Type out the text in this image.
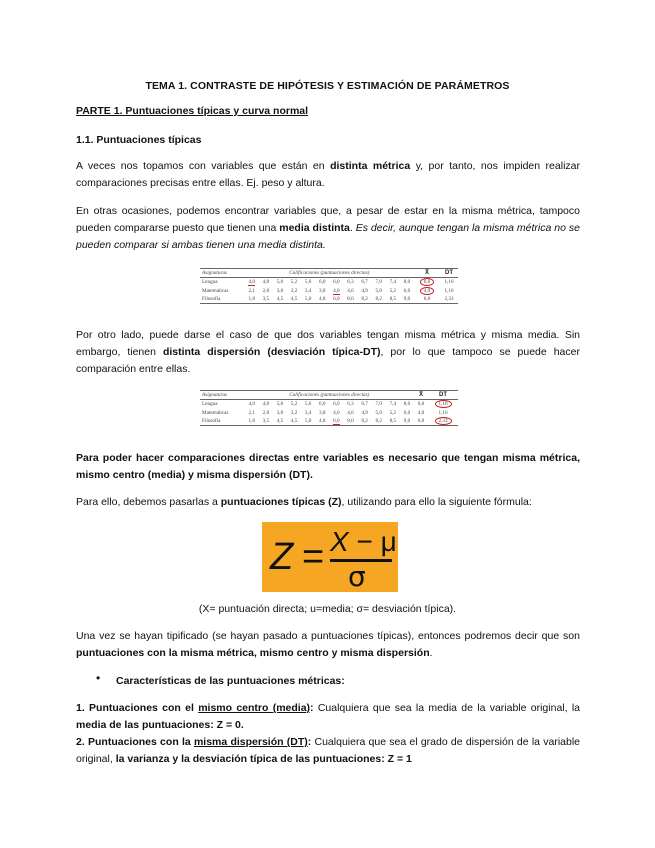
TEMA 1. CONTRASTE DE HIPÓTESIS Y ESTIMACIÓN DE PARÁMETROS
PARTE 1. Puntuaciones típicas y curva normal
1.1. Puntuaciones típicas
A veces nos topamos con variables que están en distinta métrica y, por tanto, nos impiden realizar comparaciones precisas entre ellas. Ej. peso y altura.
En otras ocasiones, podemos encontrar variables que, a pesar de estar en la misma métrica, tampoco pueden compararse puesto que tienen una media distinta. Es decir, aunque tengan la misma métrica no se pueden comparar si ambas tienen una media distinta.
Asignaturas	Calificaciones (puntuaciones directas)												X̄	DT
Lengua	4,0	4,8	5,0	5,2	5,6	6,0	6,0	6,3	6,7	7,0	7,4	8,0	6,0	1,16
Matemáticas	2,1	2,8	3,0	3,2	3,4	3,8	4,0	4,6	4,9	5,0	5,2	6,0	4,0	1,16
Filosofía	1,8	3,5	4,5	4,5	5,0	4,8	6,0	8,0	8,2	8,2	8,5	9,0	6,0	2,33
Por otro lado, puede darse el caso de que dos variables tengan misma métrica y misma media. Sin embargo, tienen distinta dispersión (desviación típica-DT), por lo que tampoco se puede hacer comparación entre ellas.
Asignaturas	Calificaciones (puntuaciones directas)												X̄	DT
Lengua	4,0	4,8	5,0	5,2	5,6	6,0	6,0	6,3	6,7	7,0	7,4	8,0	6,0	1,16
Matemáticas	2,1	2,8	3,0	3,2	3,4	3,8	4,0	4,6	4,9	5,0	5,2	6,0	4,0	1,16
Filosofía	1,8	3,5	4,5	4,5	5,0	4,8	6,0	8,0	8,2	8,2	8,5	9,0	6,0	2,33
Para poder hacer comparaciones directas entre variables es necesario que tengan misma métrica, mismo centro (media) y misma dispersión (DT).
Para ello, debemos pasarlas a puntuaciones típicas (Z), utilizando para ello la siguiente fórmula:
Z = X − μ
σ
(X= puntuación directa; u=media; σ= desviación típica).
Una vez se hayan tipificado (se hayan pasado a puntuaciones típicas), entonces podremos decir que son puntuaciones con la misma métrica, mismo centro y misma dispersión.
• Características de las puntuaciones métricas:
1. Puntuaciones con el mismo centro (media): Cualquiera que sea la media de la variable original, la media de las puntuaciones: Z = 0.
2. Puntuaciones con la misma dispersión (DT): Cualquiera que sea el grado de dispersión de la variable original, la varianza y la desviación típica de las puntuaciones: Z = 1
